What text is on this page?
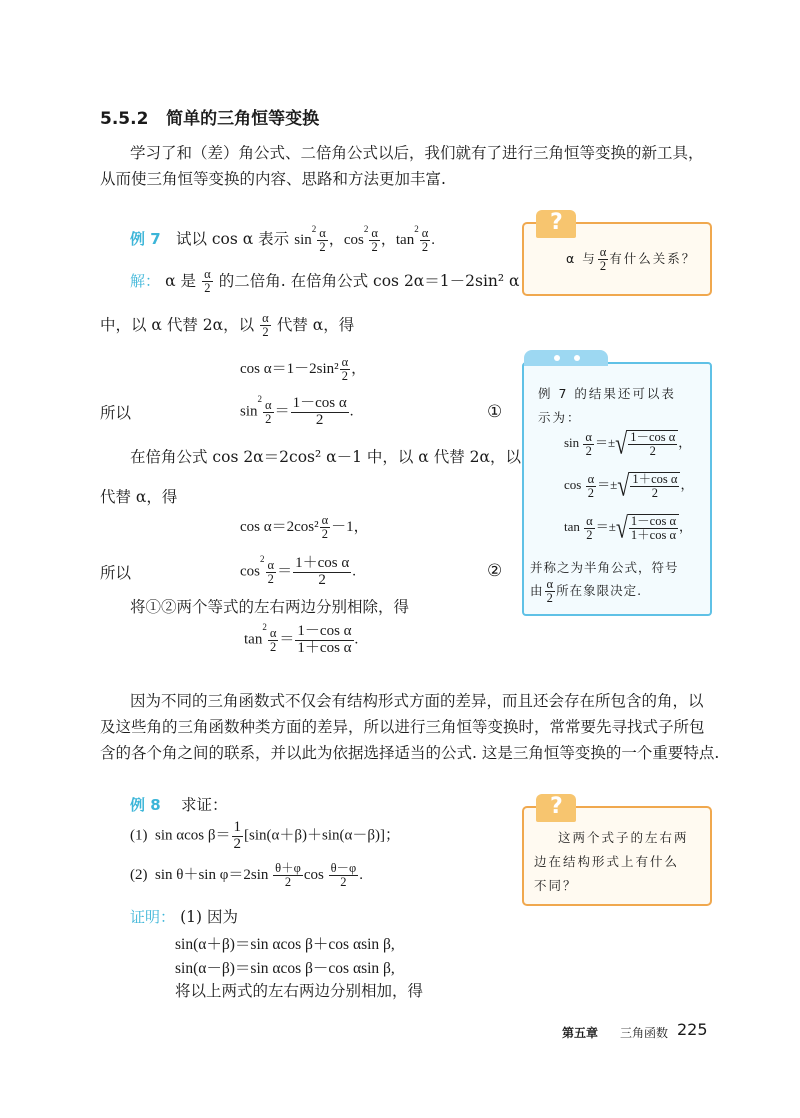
5.5.2 简单的三角恒等变换
学习了和（差）角公式、二倍角公式以后，我们就有了进行三角恒等变换的新工具，
从而使三角恒等变换的内容、思路和方法更加丰富.
例 7 试以 cos α 表示 $\sin^2 \frac{\alpha}{2}$ ，$\cos^2 \frac{\alpha}{2}$ ，$\tan^2 \frac{\alpha}{2}$ .
解： α 是 $\frac{\alpha}{2}$ 的二倍角. 在倍角公式 cos 2α＝1－2sin² α
中，以 α 代替 2α，以 $\frac{\alpha}{2}$ 代替 α，得
$\cos \alpha=1-2\sin^2 \frac{\alpha}{2}$ ，
所以	$\sin^2 \frac{\alpha}{2} = \frac{\text{1－cos α}}{2}$ .	①
在倍角公式 cos 2α＝2cos² α－1 中，以 α 代替 2α，以
代替 α，得
$\cos \alpha=2\cos^2 \frac{\alpha}{2} -1$，
所以	$\cos^2 \frac{\alpha}{2} = \frac{\text{1＋cos α}}{2}$ .	②
将①②两个等式的左右两边分别相除，得
$\tan^2 \frac{\alpha}{2} = \frac{\text{1－cos α}}{\text{1＋cos α}}$ .
?
α 与 $\frac{\alpha}{2}$ 有什么关系？
例 7 的结果还可以表
示为：
$\sin \frac{\alpha}{2}$ ＝±√ $\frac{\text{1－cos α}}{2}$ ，
$\cos \frac{\alpha}{2}$ ＝±√ $\frac{\text{1＋cos α}}{2}$ ，
$\tan \frac{\alpha}{2}$ ＝±√ $\frac{\text{1－cos α}}{\text{1＋cos α}}$ ，
并称之为半角公式，符号
由 $\frac{\alpha}{2}$ 所在象限决定.
因为不同的三角函数式不仅会有结构形式方面的差异，而且还会存在所包含的角，以
及这些角的三角函数种类方面的差异，所以进行三角恒等变换时，常常要先寻找式子所包
含的各个角之间的联系，并以此为依据选择适当的公式. 这是三角恒等变换的一个重要特点.
例 8 求证：
(1) sin αcos $\beta= \frac{1}{2} [\sin(\alpha+\beta)+\sin(\alpha-\beta)]$；
(2) sin θ＋sin $\varphi=2\sin \frac{\theta+\varphi}{2}$ $\cos \frac{\theta-\varphi}{2}$ .
证明： (1) 因为
sin(α＋β)＝sin αcos β＋cos αsin β,
sin(α－β)＝sin αcos β－cos αsin β,
将以上两式的左右两边分别相加，得
?
这两个式子的左右两
边在结构形式上有什么
不同？
第五章 三角函数 225
